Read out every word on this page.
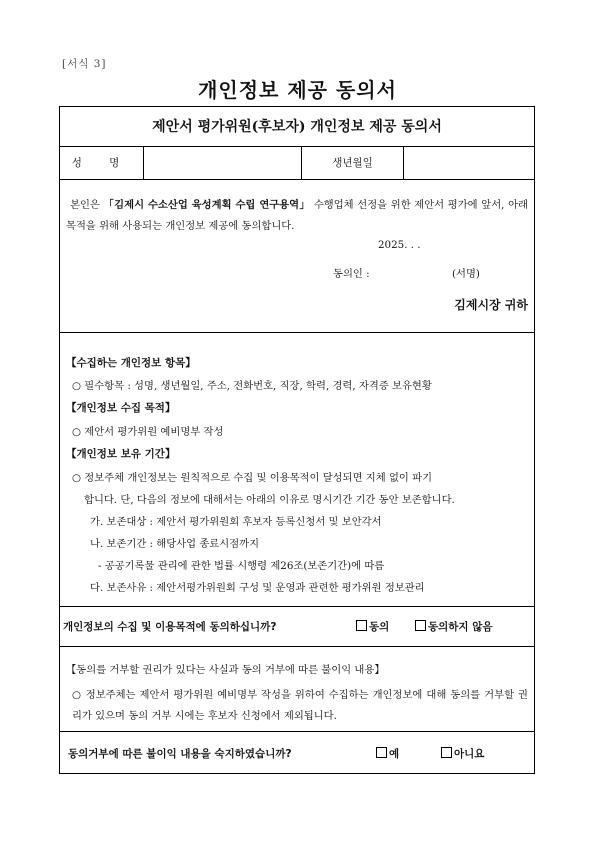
[서식 3]
개인정보 제공 동의서
제안서 평가위원(후보자) 개인정보 제공 동의서
성 명	생년월일
본인은 「김제시 수소산업 육성계획 수립 연구용역」 수행업체 선정을 위한 제안서 평가에 앞서, 아래 목적을 위해 사용되는 개인정보 제공에 동의합니다.
2025. . .
동의인 :	(서명)
김제시장 귀하
【수집하는 개인정보 항목】
○ 필수항목 : 성명, 생년월일, 주소, 전화번호, 직장, 학력, 경력, 자격증 보유현황
【개인정보 수집 목적】
○ 제안서 평가위원 예비명부 작성
【개인정보 보유 기간】
○ 정보주체 개인정보는 원칙적으로 수집 및 이용목적이 달성되면 지체 없이 파기
합니다. 단, 다음의 정보에 대해서는 아래의 이유로 명시기간 기간 동안 보존합니다.
가. 보존대상 : 제안서 평가위원회 후보자 등록신청서 및 보안각서
나. 보존기간 : 해당사업 종료시점까지
- 공공기록물 관리에 관한 법률 시행령 제26조(보존기간)에 따름
다. 보존사유 : 제안서평가위원회 구성 및 운영과 관련한 평가위원 정보관리
개인정보의 수집 및 이용목적에 동의하십니까?	동의	동의하지 않음
【동의를 거부할 권리가 있다는 사실과 동의 거부에 따른 불이익 내용】
○ 정보주체는 제안서 평가위원 예비명부 작성을 위하여 수집하는 개인정보에 대해 동의를 거부할 권리가 있으며 동의 거부 시에는 후보자 신청에서 제외됩니다.
동의거부에 따른 불이익 내용을 숙지하였습니까?	예	아니요
